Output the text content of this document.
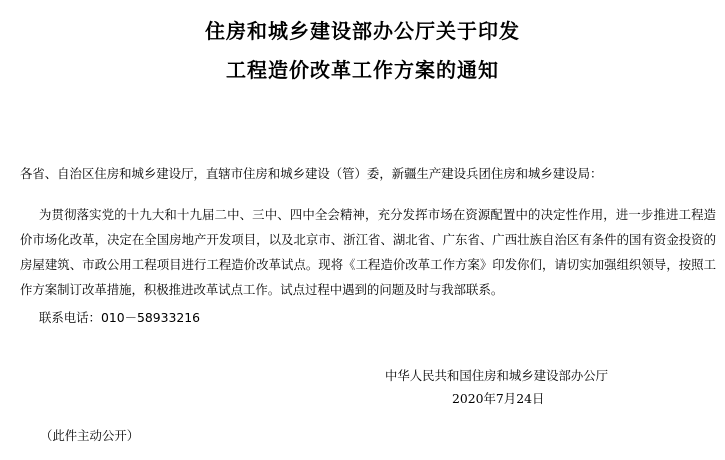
住房和城乡建设部办公厅关于印发
工程造价改革工作方案的通知
各省、自治区住房和城乡建设厅，直辖市住房和城乡建设（管）委，新疆生产建设兵团住房和城乡建设局：
为贯彻落实党的十九大和十九届二中、三中、四中全会精神，充分发挥市场在资源配置中的决定性作用，进一步推进工程造价市场化改革，决定在全国房地产开发项目，以及北京市、浙江省、湖北省、广东省、广西壮族自治区有条件的国有资金投资的房屋建筑、市政公用工程项目进行工程造价改革试点。现将《工程造价改革工作方案》印发你们，请切实加强组织领导，按照工作方案制订改革措施，积极推进改革试点工作。试点过程中遇到的问题及时与我部联系。
联系电话：010－58933216
中华人民共和国住房和城乡建设部办公厅
2020年7月24日
（此件主动公开）
